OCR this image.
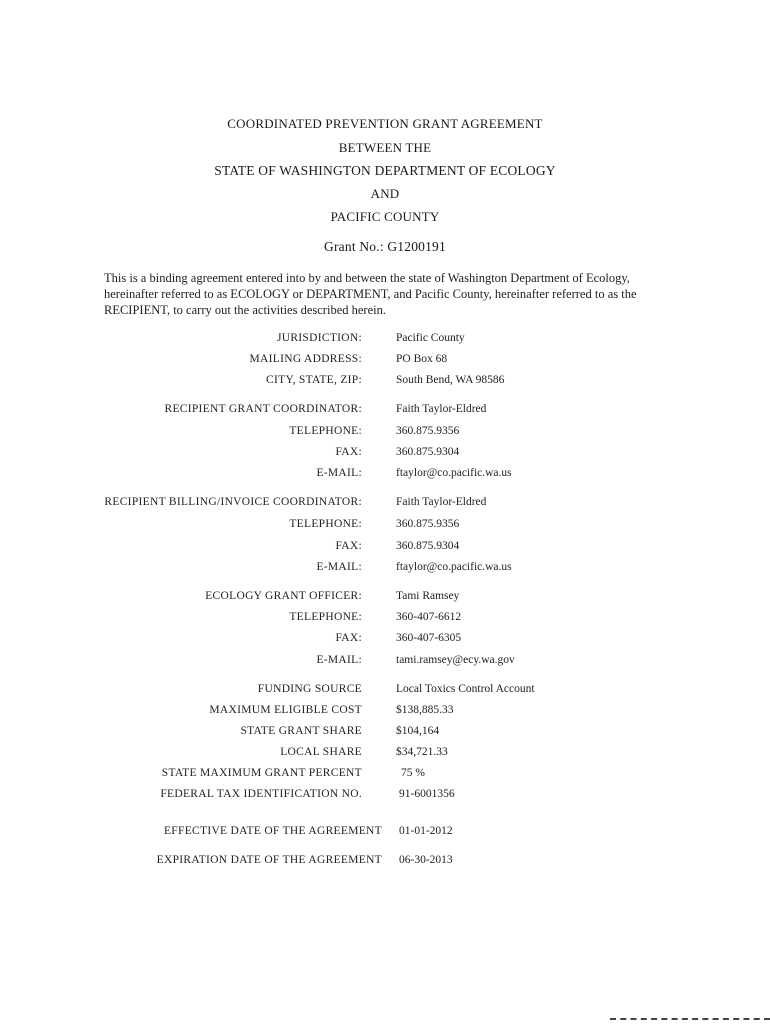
COORDINATED PREVENTION GRANT AGREEMENT
BETWEEN THE
STATE OF WASHINGTON DEPARTMENT OF ECOLOGY
AND
PACIFIC COUNTY
Grant No.: G1200191
This is a binding agreement entered into by and between the state of Washington Department of Ecology, hereinafter referred to as ECOLOGY or DEPARTMENT, and Pacific County, hereinafter referred to as the RECIPIENT, to carry out the activities described herein.
JURISDICTION:	Pacific County
MAILING ADDRESS:	PO Box 68
CITY, STATE, ZIP:	South Bend, WA 98586
RECIPIENT GRANT COORDINATOR:	Faith Taylor-Eldred
TELEPHONE:	360.875.9356
FAX:	360.875.9304
E-MAIL:	ftaylor@co.pacific.wa.us
RECIPIENT BILLING/INVOICE COORDINATOR:	Faith Taylor-Eldred
TELEPHONE:	360.875.9356
FAX:	360.875.9304
E-MAIL:	ftaylor@co.pacific.wa.us
ECOLOGY GRANT OFFICER:	Tami Ramsey
TELEPHONE:	360-407-6612
FAX:	360-407-6305
E-MAIL:	tami.ramsey@ecy.wa.gov
FUNDING SOURCE	Local Toxics Control Account
MAXIMUM ELIGIBLE COST	$138,885.33
STATE GRANT SHARE	$104,164
LOCAL SHARE	$34,721.33
STATE MAXIMUM GRANT PERCENT	75 %
FEDERAL TAX IDENTIFICATION NO.	91-6001356
EFFECTIVE DATE OF THE AGREEMENT 01-01-2012
EXPIRATION DATE OF THE AGREEMENT 06-30-2013
